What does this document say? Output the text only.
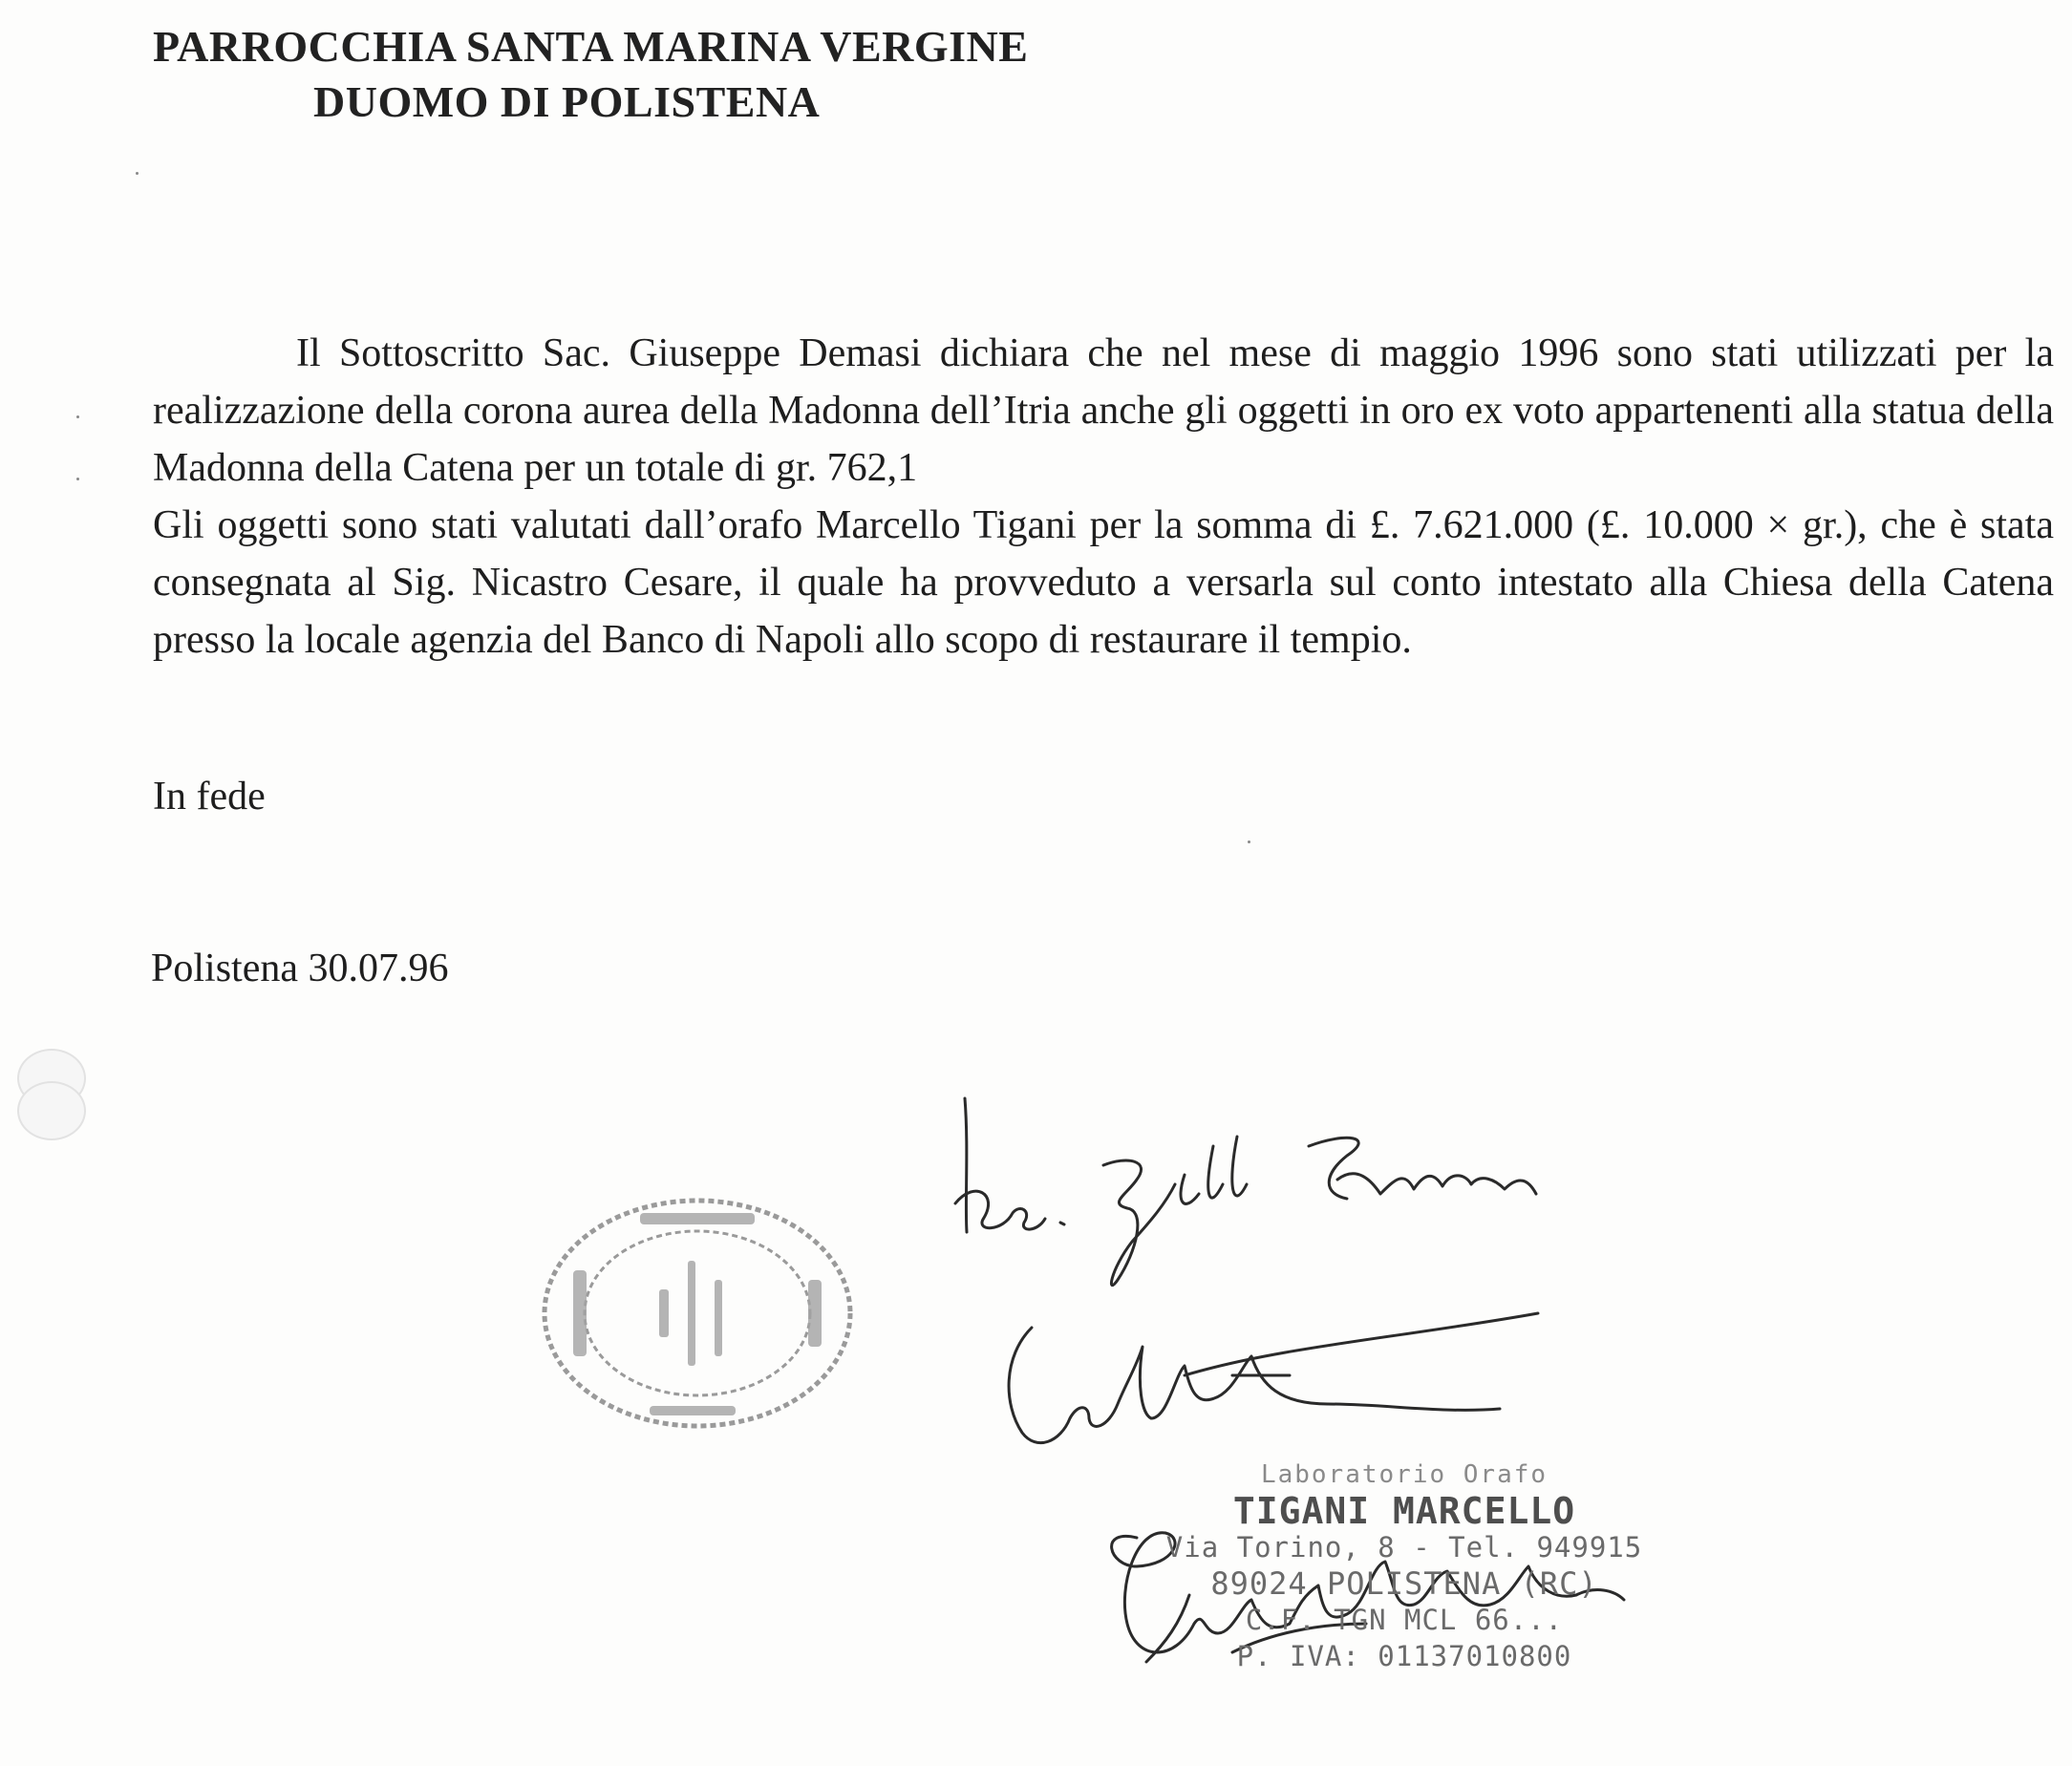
PARROCCHIA SANTA MARINA VERGINE
DUOMO DI POLISTENA

Il Sottoscritto Sac. Giuseppe Demasi dichiara che nel mese di maggio 1996 sono stati utilizzati per la realizzazione della corona aurea della Madonna dell’Itria anche gli oggetti in oro ex voto appartenenti alla statua della Madonna della Catena per un totale di gr. 762,1

Gli oggetti sono stati valutati dall’orafo Marcello Tigani per la somma di £. 7.621.000 (£. 10.000 × gr.), che è stata consegnata al Sig. Nicastro Cesare, il quale ha provveduto a versarla sul conto intestato alla Chiesa della Catena presso la locale agenzia del Banco di Napoli allo scopo di restaurare il tempio.

In fede
Polistena 30.07.96
Laboratorio Orafo
TIGANI MARCELLO
Via Torino, 8 - Tel. 949915
89024 POLISTENA (RC)
C.F. TGN MCL 66...
P. IVA: 01137010800
